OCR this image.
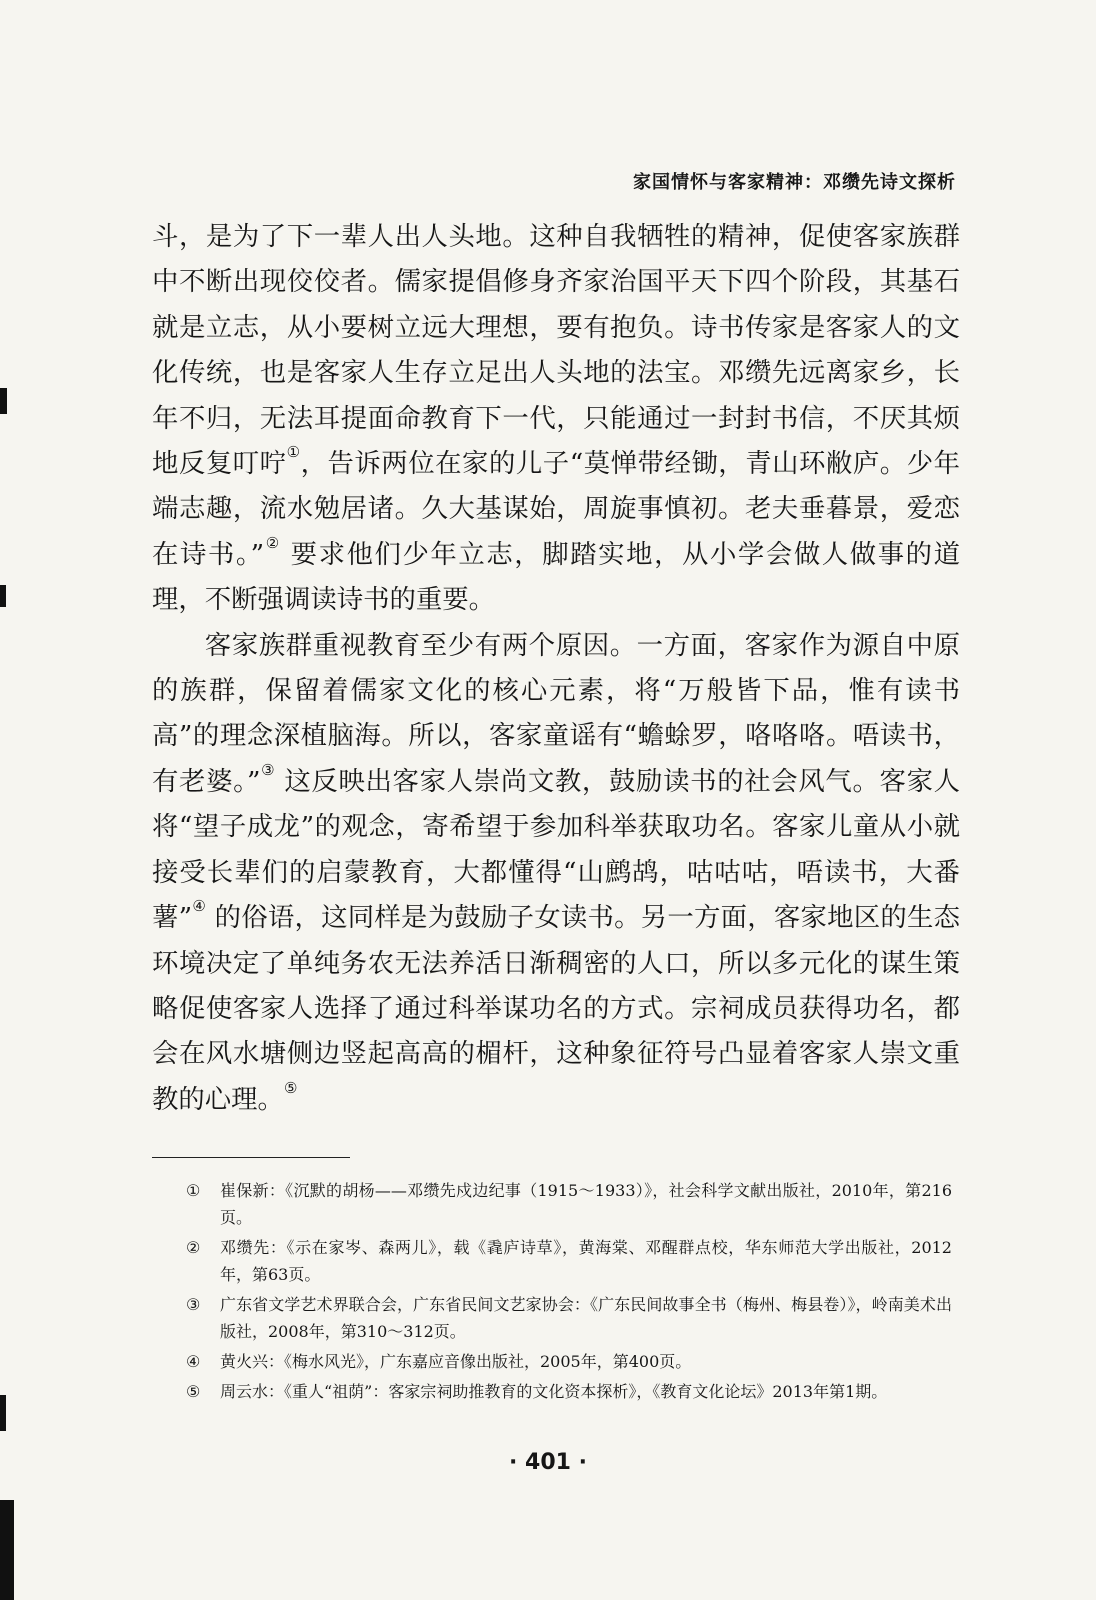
家国情怀与客家精神：邓缵先诗文探析

斗，是为了下一辈人出人头地。这种自我牺牲的精神，促使客家族群中不断出现佼佼者。儒家提倡修身齐家治国平天下四个阶段，其基石就是立志，从小要树立远大理想，要有抱负。诗书传家是客家人的文化传统，也是客家人生存立足出人头地的法宝。邓缵先远离家乡，长年不归，无法耳提面命教育下一代，只能通过一封封书信，不厌其烦地反复叮咛①，告诉两位在家的儿子“莫惮带经锄，青山环敝庐。少年端志趣，流水勉居诸。久大基谋始，周旋事慎初。老夫垂暮景，爱恋在诗书。”② 要求他们少年立志，脚踏实地，从小学会做人做事的道理，不断强调读诗书的重要。

客家族群重视教育至少有两个原因。一方面，客家作为源自中原的族群，保留着儒家文化的核心元素，将“万般皆下品，惟有读书高”的理念深植脑海。所以，客家童谣有“蟾蜍罗，咯咯咯。唔读书，有老婆。”③ 这反映出客家人崇尚文教，鼓励读书的社会风气。客家人将“望子成龙”的观念，寄希望于参加科举获取功名。客家儿童从小就接受长辈们的启蒙教育，大都懂得“山鹧鸪，咕咕咕，唔读书，大番薯”④ 的俗语，这同样是为鼓励子女读书。另一方面，客家地区的生态环境决定了单纯务农无法养活日渐稠密的人口，所以多元化的谋生策略促使客家人选择了通过科举谋功名的方式。宗祠成员获得功名，都会在风水塘侧边竖起高高的楣杆，这种象征符号凸显着客家人崇文重教的心理。⑤

①	崔保新：《沉默的胡杨——邓缵先戍边纪事（1915～1933）》，社会科学文献出版社，2010年，第216页。
②	邓缵先：《示在家岑、森两儿》，载《毳庐诗草》，黄海棠、邓醒群点校，华东师范大学出版社，2012年，第63页。
③	广东省文学艺术界联合会，广东省民间文艺家协会：《广东民间故事全书（梅州、梅县卷）》，岭南美术出版社，2008年，第310～312页。
④	黄火兴：《梅水风光》，广东嘉应音像出版社，2005年，第400页。
⑤	周云水：《重人“祖荫”：客家宗祠助推教育的文化资本探析》，《教育文化论坛》2013年第1期。
· 401 ·
